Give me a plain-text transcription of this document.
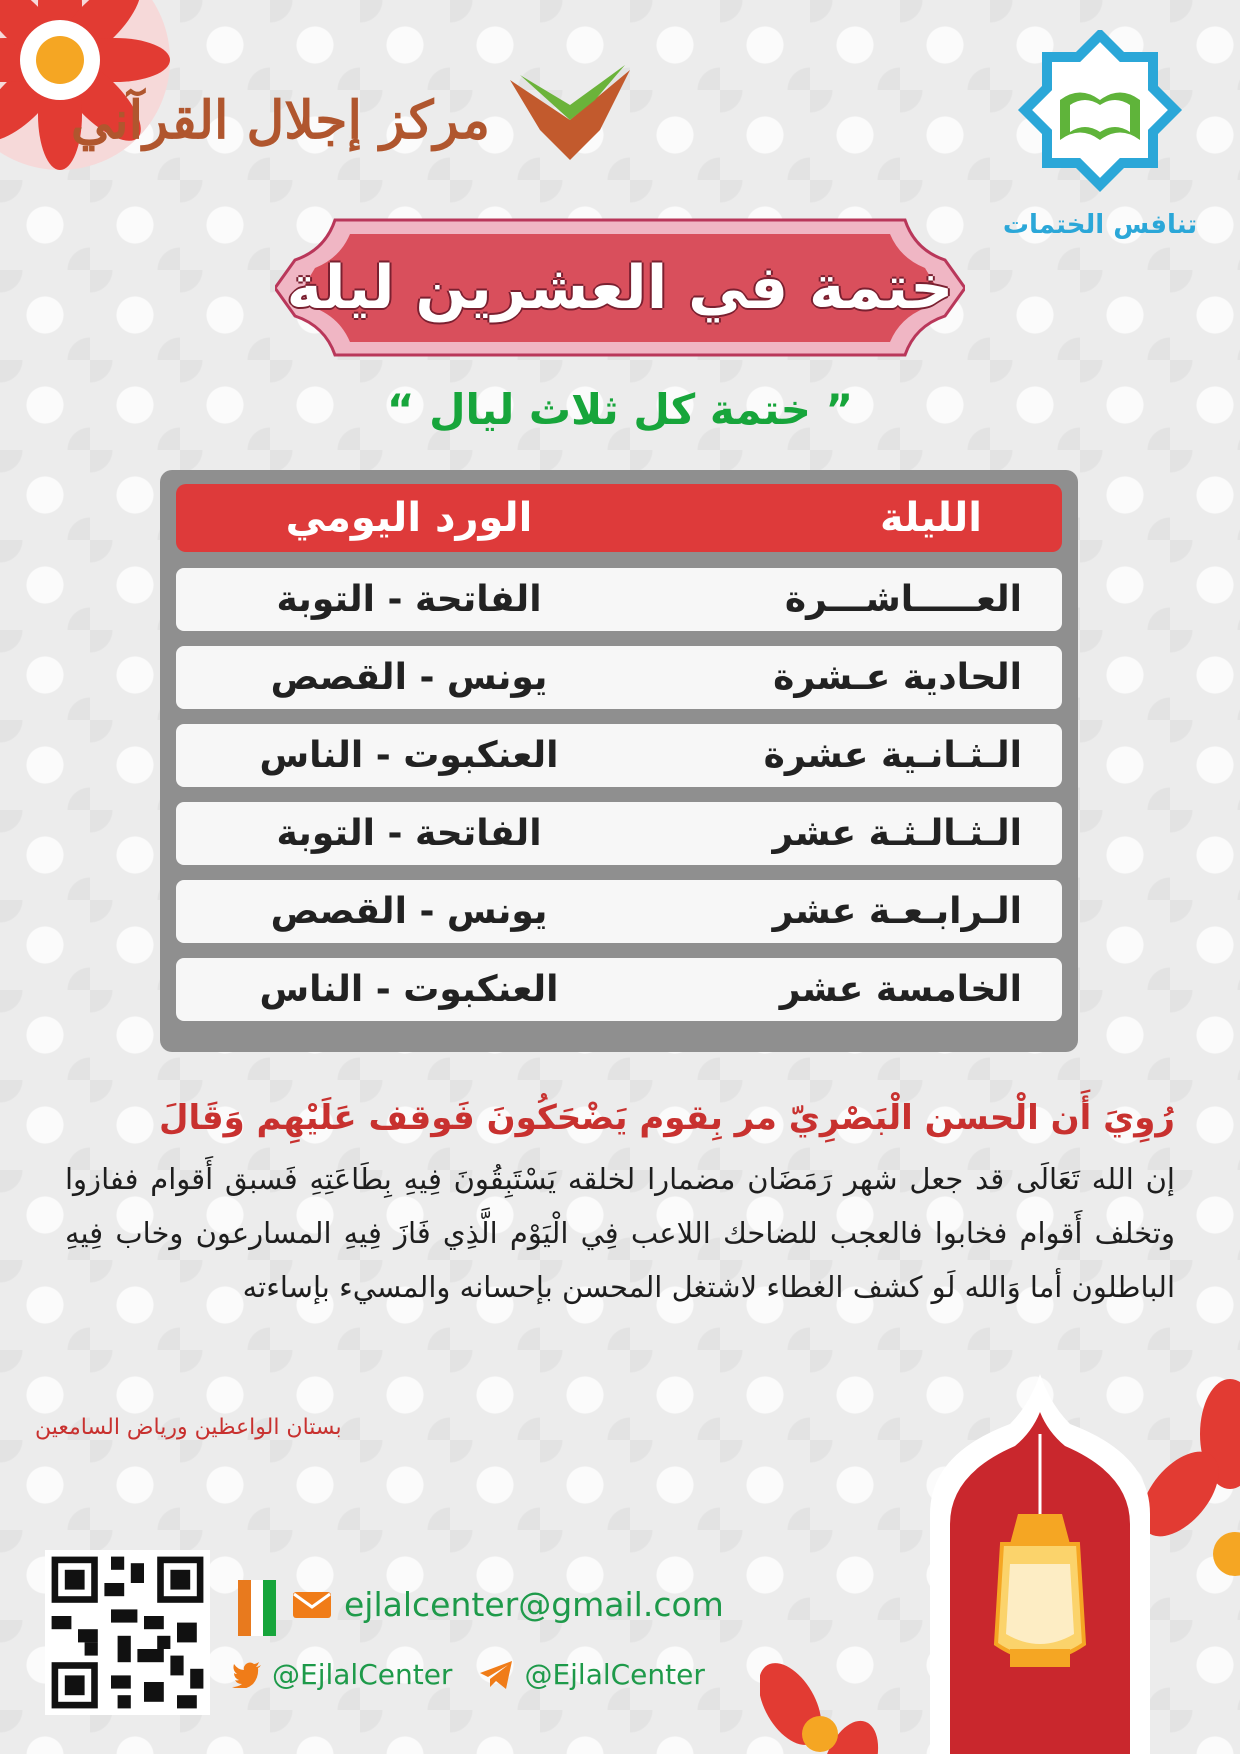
مركز إجلال القرآني
تنافس الختمات
ختمة في العشرين ليلة
” ختمة كل ثلاث ليال “
الليلة
الورد اليومي
العـــــاشـــرة
الفاتحة - التوبة
الحادية عـشرة
يونس - القصص
الـثـانـية عشرة
العنكبوت - الناس
الـثـالـثـة عشر
الفاتحة - التوبة
الـرابـعـة عشر
يونس - القصص
الخامسة عشر
العنكبوت - الناس
رُوِيَ أَن الْحسن الْبَصْرِيّ مر بِقوم يَضْحَكُونَ فَوقف عَلَيْهِم وَقَالَ
إن الله تَعَالَى قد جعل شهر رَمَضَان مضمارا لخلقه يَسْتَبِقُونَ فِيهِ بِطَاعَتِهِ فَسبق أَقوام ففازوا وتخلف أَقوام فخابوا فالعجب للضاحك اللاعب فِي الْيَوْم الَّذِي فَازَ فِيهِ المسارعون وخاب فِيهِ الباطلون أما وَالله لَو كشف الغطاء لاشتغل المحسن بإحسانه والمسيء بإساءته
بستان الواعظين ورياض السامعين
ejlalcenter@gmail.com
@EjlalCenter	@EjlalCenter
